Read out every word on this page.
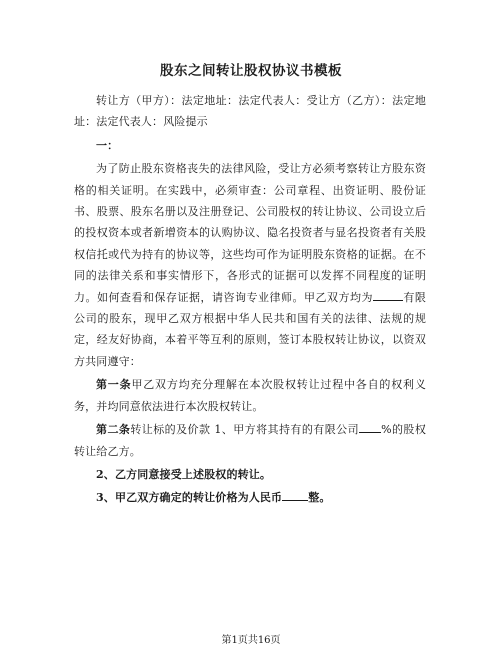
股东之间转让股权协议书模板

转让方（甲方）：法定地址：法定代表人：受让方（乙方）：法定地址：法定代表人：风险提示

一：

为了防止股东资格丧失的法律风险，受让方必须考察转让方股东资格的相关证明。在实践中，必须审查：公司章程、出资证明、股份证书、股票、股东名册以及注册登记、公司股权的转让协议、公司设立后的投权资本或者新增资本的认购协议、隐名投资者与显名投资者有关股权信托或代为持有的协议等，这些均可作为证明股东资格的证据。在不同的法律关系和事实情形下，各形式的证据可以发挥不同程度的证明力。如何查看和保存证据，请咨询专业律师。甲乙双方均为	有限公司的股东，现甲乙双方根据中华人民共和国有关的法律、法规的规定，经友好协商，本着平等互利的原则，签订本股权转让协议，以资双方共同遵守：

第一条甲乙双方均充分理解在本次股权转让过程中各自的权利义务，并均同意依法进行本次股权转让。

第二条转让标的及价款 1、甲方将其持有的有限公司 %的股权转让给乙方。

2、乙方同意接受上述股权的转让。

3、甲乙双方确定的转让价格为人民币 整。

第1页共16页
